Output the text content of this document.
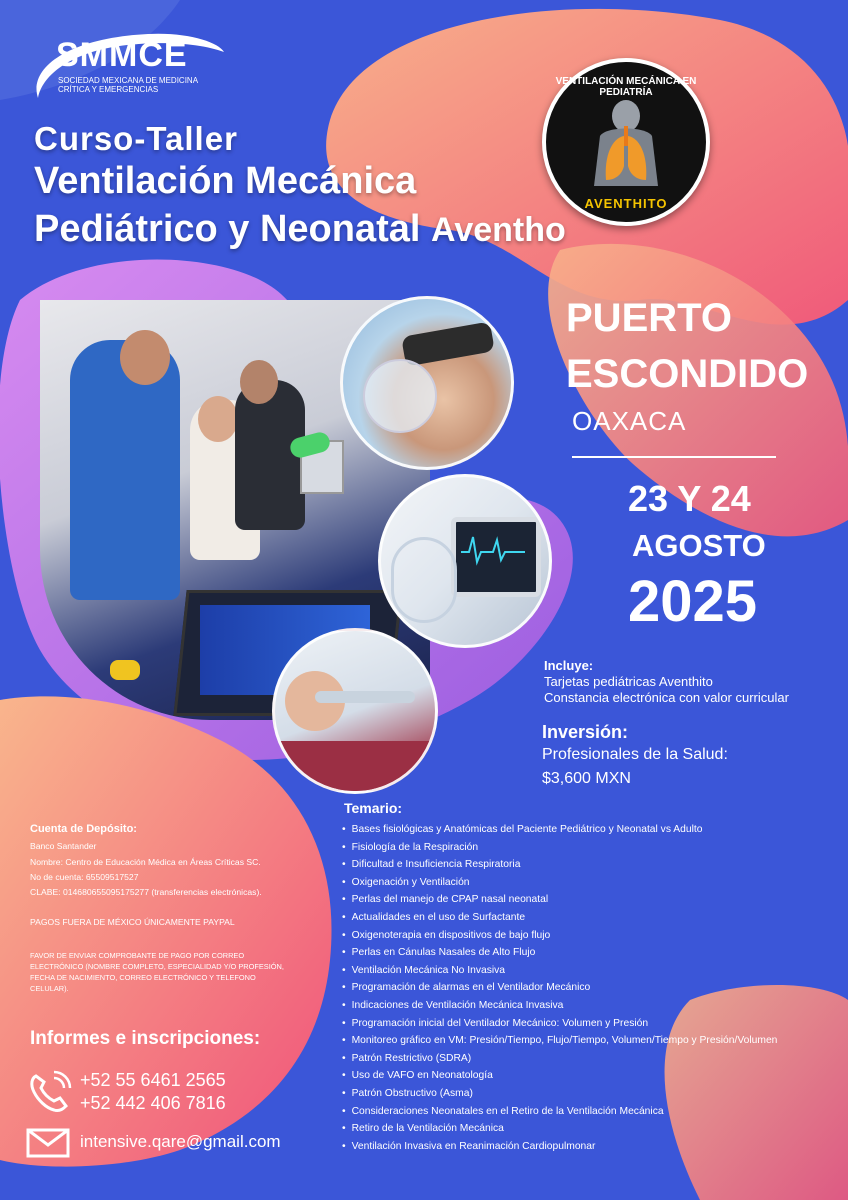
SMMCE
SOCIEDAD MEXICANA DE MEDICINA CRÍTICA Y EMERGENCIAS
Curso-Taller
Ventilación Mecánica
Pediátrico y Neonatal Aventho
VENTILACIÓN MECÁNICA EN PEDIATRÍA
AVENTHITO
PUERTO
ESCONDIDO
OAXACA
23 Y 24
AGOSTO
2025
Incluye:
Tarjetas pediátricas Aventhito
Constancia electrónica con valor curricular
Inversión:
Profesionales de la Salud:
$3,600 MXN
Temario:
• Bases fisiológicas y Anatómicas del Paciente Pediátrico y Neonatal vs Adulto
• Fisiología de la Respiración
• Dificultad e Insuficiencia Respiratoria
• Oxigenación y Ventilación
• Perlas del manejo de CPAP nasal neonatal
• Actualidades en el uso de Surfactante
• Oxigenoterapia en dispositivos de bajo flujo
• Perlas en Cánulas Nasales de Alto Flujo
• Ventilación Mecánica No Invasiva
• Programación de alarmas en el Ventilador Mecánico
• Indicaciones de Ventilación Mecánica Invasiva
• Programación inicial del Ventilador Mecánico: Volumen y Presión
• Monitoreo gráfico en VM: Presión/Tiempo, Flujo/Tiempo, Volumen/Tiempo y Presión/Volumen
• Patrón Restrictivo (SDRA)
• Uso de VAFO en Neonatología
• Patrón Obstructivo (Asma)
• Consideraciones Neonatales en el Retiro de la Ventilación Mecánica
• Retiro de la Ventilación Mecánica
• Ventilación Invasiva en Reanimación Cardiopulmonar
Cuenta de Depósito:
Banco Santander
Nombre: Centro de Educación Médica en Áreas Críticas SC.
No de cuenta: 65509517527
CLABE: 014680655095175277 (transferencias electrónicas).
PAGOS FUERA DE MÉXICO ÚNICAMENTE PAYPAL
FAVOR DE ENVIAR COMPROBANTE DE PAGO POR CORREO ELECTRÓNICO (NOMBRE COMPLETO, ESPECIALIDAD Y/O PROFESIÓN, FECHA DE NACIMIENTO, CORREO ELECTRÓNICO Y TELEFONO CELULAR).
Informes e inscripciones:
+52 55 6461 2565
+52 442 406 7816
intensive.qare@gmail.com
